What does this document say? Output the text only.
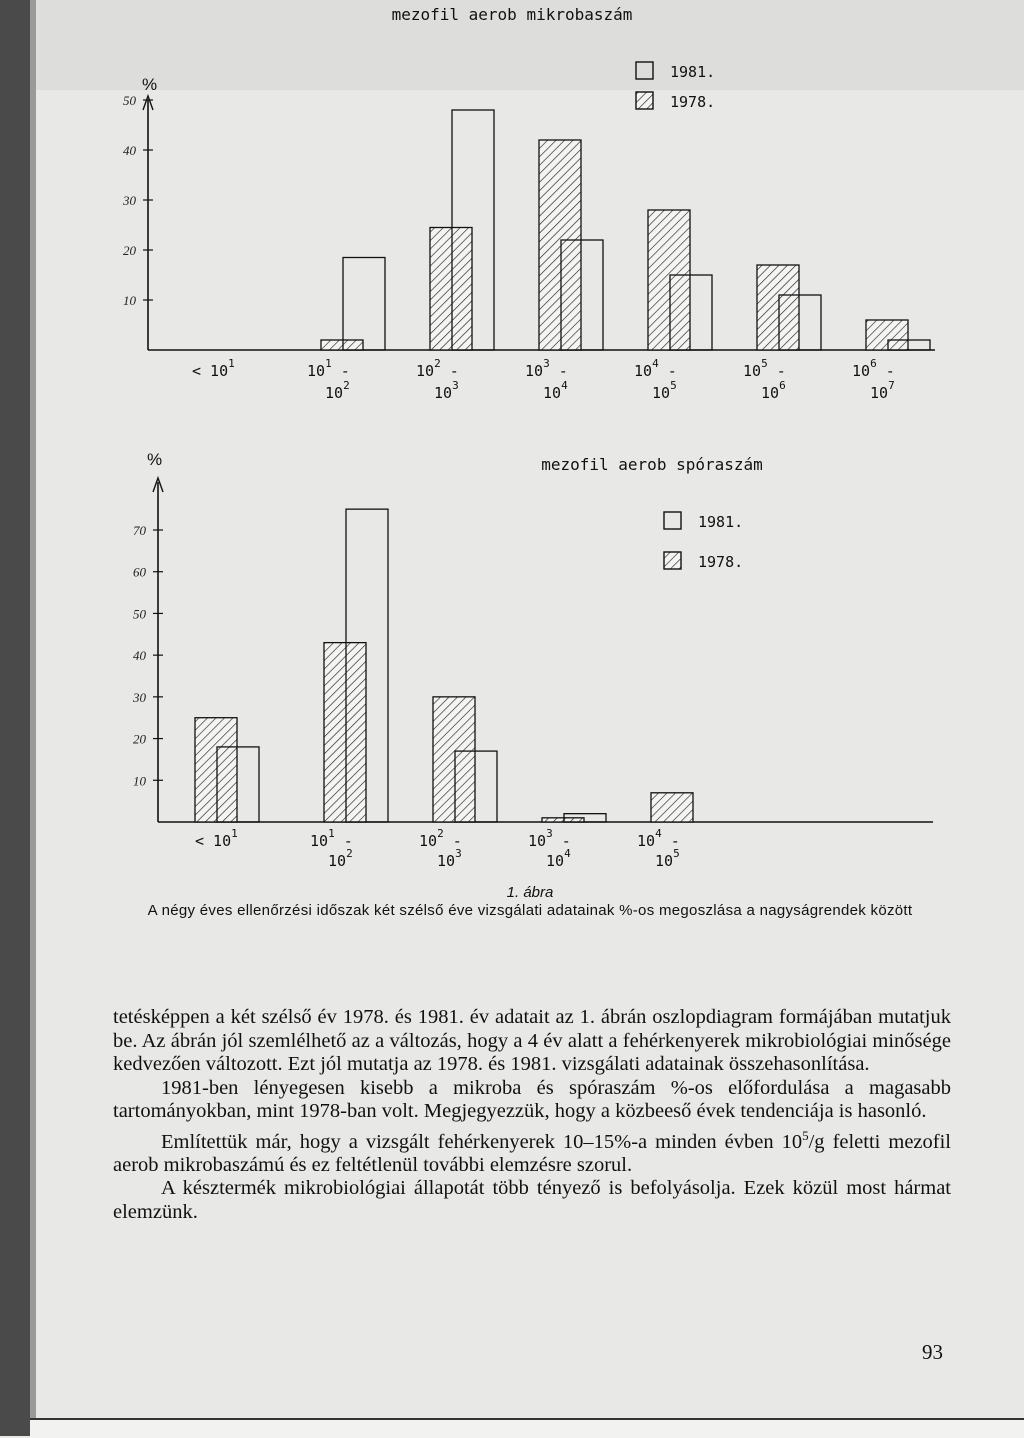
mezofil aerob mikrobaszám
%
10
20
30
40
50
< $10^1$	$10^1$ -
$10^2$
$10^2$ -
$10^3$
$10^3$ -
$10^4$
$10^4$ -
$10^5$
$10^5$ -
$10^6$
$10^6$ -
$10^7$
1981.
1978.
%
10
20
30
40
50
60
70
< $10^1$	$10^1$ -
$10^2$
$10^2$ -
$10^3$
$10^3$ -
$10^4$
$10^4$ -
$10^5$
1981.
1978.
mezofil aerob spóraszám
1. ábra
A négy éves ellenőrzési időszak két szélső éve vizsgálati adatainak %-os megoszlása a nagyságrendek között

tetésképpen a két szélső év 1978. és 1981. év adatait az 1. ábrán oszlopdiagram formájában mutatjuk be. Az ábrán jól szemlélhető az a változás, hogy a 4 év alatt a fehérkenyerek mikrobiológiai minősége kedvezően változott. Ezt jól mutatja az 1978. és 1981. vizsgálati adatainak összehasonlítása.

1981-ben lényegesen kisebb a mikroba és spóraszám %-os előfordulása a magasabb tartományokban, mint 1978-ban volt. Megjegyezzük, hogy a közbeeső évek tendenciája is hasonló.

Említettük már, hogy a vizsgált fehérkenyerek 10–15%-a minden évben $10^5/g$ feletti mezofil aerob mikrobaszámú és ez feltétlenül további elemzésre szorul.

A késztermék mikrobiológiai állapotát több tényező is befolyásolja. Ezek közül most hármat elemzünk.

93
